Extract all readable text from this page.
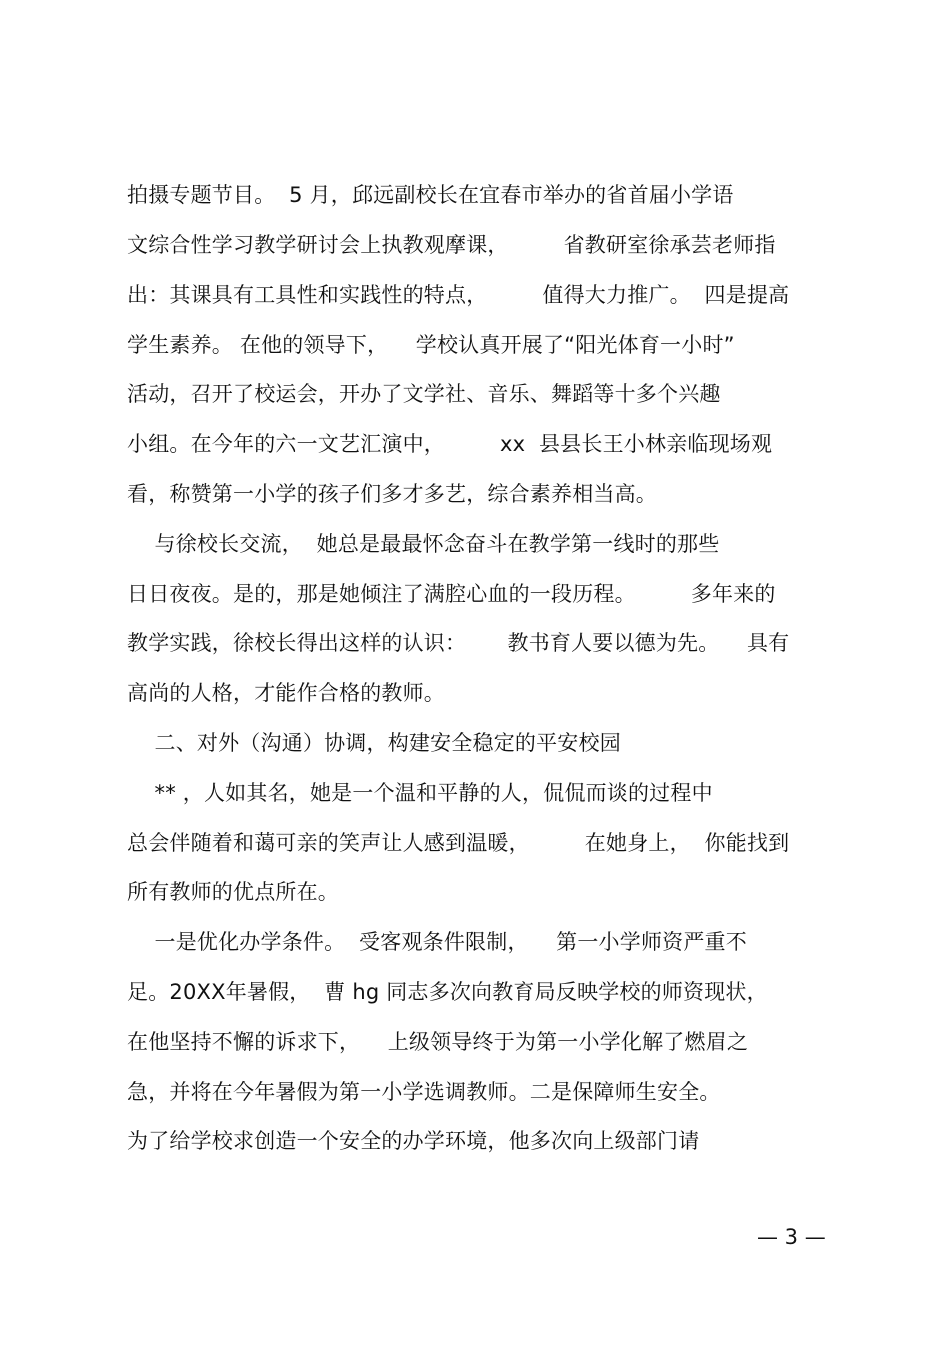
拍摄专题节目。  5 月，邱远副校长在宜春市举办的省首届小学语
文综合性学习教学研讨会上执教观摩课，        省教研室徐承芸老师指
出：其课具有工具性和实践性的特点，        值得大力推广。  四是提高
学生素养。 在他的领导下，    学校认真开展了“阳光体育一小时”
活动，召开了校运会，开办了文学社、音乐、舞蹈等十多个兴趣
小组。在今年的六一文艺汇演中，        xx  县县长王小林亲临现场观
看，称赞第一小学的孩子们多才多艺，综合素养相当高。
与徐校长交流，  她总是最最怀念奋斗在教学第一线时的那些
日日夜夜。是的，那是她倾注了满腔心血的一段历程。        多年来的
教学实践，徐校长得出这样的认识：      教书育人要以德为先。    具有
高尚的人格，才能作合格的教师。
二、对外（沟通）协调，构建安全稳定的平安校园
** ，人如其名，她是一个温和平静的人，侃侃而谈的过程中
总会伴随着和蔼可亲的笑声让人感到温暖，        在她身上，  你能找到
所有教师的优点所在。
一是优化办学条件。  受客观条件限制，    第一小学师资严重不
足。20XX年暑假，  曹 hg 同志多次向教育局反映学校的师资现状，
在他坚持不懈的诉求下，    上级领导终于为第一小学化解了燃眉之
急，并将在今年暑假为第一小学选调教师。二是保障师生安全。
为了给学校求创造一个安全的办学环境，他多次向上级部门请
— 3 —
